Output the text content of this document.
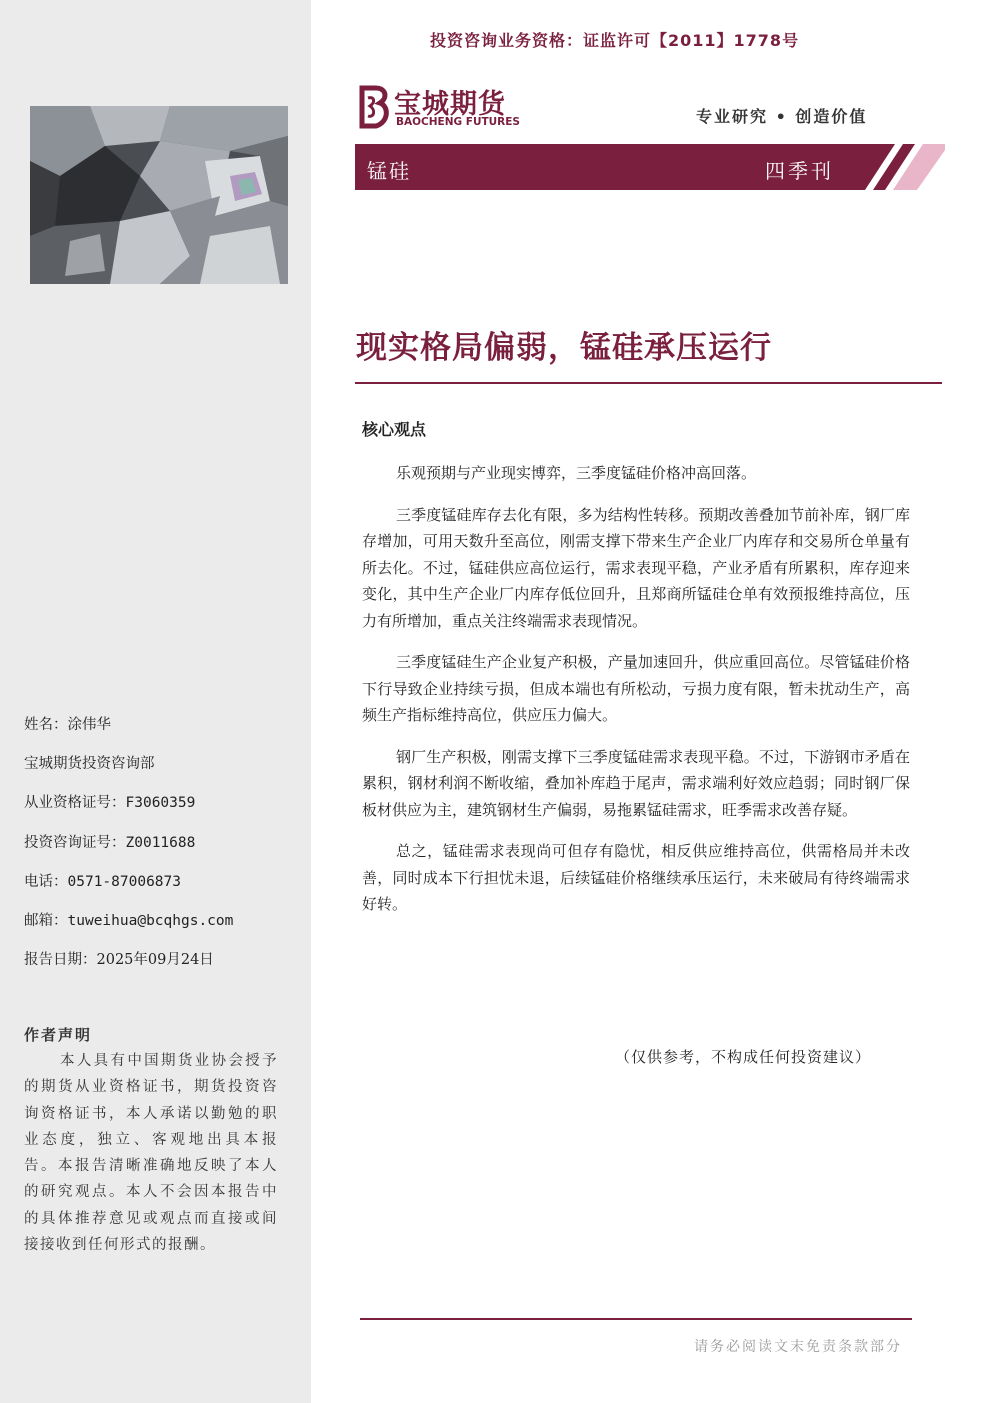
投资咨询业务资格：证监许可【2011】1778号
宝城期货
BAOCHENG FUTURES	专业研究 • 创造价值
锰硅	四季刊
现实格局偏弱，锰硅承压运行
核心观点

乐观预期与产业现实博弈，三季度锰硅价格冲高回落。

三季度锰硅库存去化有限，多为结构性转移。预期改善叠加节前补库，钢厂库存增加，可用天数升至高位，刚需支撑下带来生产企业厂内库存和交易所仓单量有所去化。不过，锰硅供应高位运行，需求表现平稳，产业矛盾有所累积，库存迎来变化，其中生产企业厂内库存低位回升，且郑商所锰硅仓单有效预报维持高位，压力有所增加，重点关注终端需求表现情况。

三季度锰硅生产企业复产积极，产量加速回升，供应重回高位。尽管锰硅价格下行导致企业持续亏损，但成本端也有所松动，亏损力度有限，暂未扰动生产，高频生产指标维持高位，供应压力偏大。

钢厂生产积极，刚需支撑下三季度锰硅需求表现平稳。不过，下游钢市矛盾在累积，钢材利润不断收缩，叠加补库趋于尾声，需求端利好效应趋弱；同时钢厂保板材供应为主，建筑钢材生产偏弱，易拖累锰硅需求，旺季需求改善存疑。

总之，锰硅需求表现尚可但存有隐忧，相反供应维持高位，供需格局并未改善，同时成本下行担忧未退，后续锰硅价格继续承压运行，未来破局有待终端需求好转。

（仅供参考，不构成任何投资建议）
姓名：涂伟华
宝城期货投资咨询部
从业资格证号：F3060359
投资咨询证号：Z0011688
电话：0571-87006873
邮箱：tuweihua@bcqhgs.com
报告日期：2025年09月24日
作者声明
本人具有中国期货业协会授予的期货从业资格证书，期货投资咨询资格证书，本人承诺以勤勉的职业态度，独立、客观地出具本报告。本报告清晰准确地反映了本人的研究观点。本人不会因本报告中的具体推荐意见或观点而直接或间接接收到任何形式的报酬。
请务必阅读文末免责条款部分
